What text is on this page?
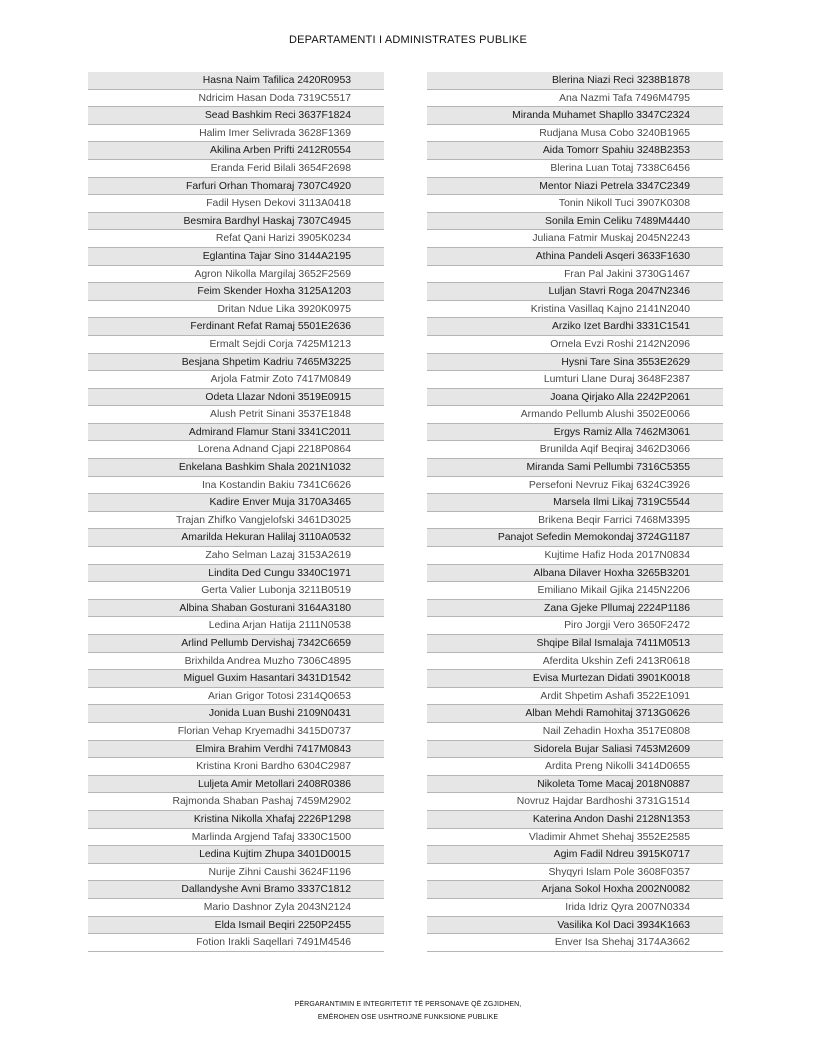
DEPARTAMENTI I ADMINISTRATES PUBLIKE
Hasna Naim Tafilica 2420R0953
Ndricim Hasan Doda 7319C5517
Sead Bashkim Reci 3637F1824
Halim Imer Selivrada 3628F1369
Akilina Arben Prifti 2412R0554
Eranda Ferid Bilali 3654F2698
Farfuri Orhan Thomaraj 7307C4920
Fadil Hysen Dekovi 3113A0418
Besmira Bardhyl Haskaj 7307C4945
Refat Qani Harizi 3905K0234
Eglantina Tajar Sino 3144A2195
Agron Nikolla Margilaj 3652F2569
Feim Skender Hoxha 3125A1203
Dritan Ndue Lika 3920K0975
Ferdinant Refat Ramaj 5501E2636
Ermalt Sejdi Corja 7425M1213
Besjana Shpetim Kadriu 7465M3225
Arjola Fatmir Zoto 7417M0849
Odeta Llazar Ndoni 3519E0915
Alush Petrit Sinani 3537E1848
Admirand Flamur Stani 3341C2011
Lorena Adnand Cjapi 2218P0864
Enkelana Bashkim Shala 2021N1032
Ina Kostandin Bakiu 7341C6626
Kadire Enver Muja 3170A3465
Trajan Zhifko Vangjelofski 3461D3025
Amarilda Hekuran Halilaj 3110A0532
Zaho Selman Lazaj 3153A2619
Lindita Ded Cungu 3340C1971
Gerta Valier Lubonja 3211B0519
Albina Shaban Gosturani 3164A3180
Ledina Arjan Hatija 2111N0538
Arlind Pellumb Dervishaj 7342C6659
Brixhilda Andrea Muzho 7306C4895
Miguel Guxim Hasantari 3431D1542
Arian Grigor Totosi 2314Q0653
Jonida Luan Bushi 2109N0431
Florian Vehap Kryemadhi 3415D0737
Elmira Brahim Verdhi 7417M0843
Kristina Kroni Bardho 6304C2987
Luljeta Amir Metollari 2408R0386
Rajmonda Shaban Pashaj 7459M2902
Kristina Nikolla Xhafaj 2226P1298
Marlinda Argjend Tafaj 3330C1500
Ledina Kujtim Zhupa 3401D0015
Nurije Zihni Caushi 3624F1196
Dallandyshe Avni Bramo 3337C1812
Mario Dashnor Zyla 2043N2124
Elda Ismail Beqiri 2250P2455
Fotion Irakli Saqellari 7491M4546
Blerina Niazi Reci 3238B1878
Ana Nazmi Tafa 7496M4795
Miranda Muhamet Shapllo 3347C2324
Rudjana Musa Cobo 3240B1965
Aida Tomorr Spahiu 3248B2353
Blerina Luan Totaj 7338C6456
Mentor Niazi Petrela 3347C2349
Tonin Nikoll Tuci 3907K0308
Sonila Emin Celiku 7489M4440
Juliana Fatmir Muskaj 2045N2243
Athina Pandeli Asqeri 3633F1630
Fran Pal Jakini 3730G1467
Luljan Stavri Roga 2047N2346
Kristina Vasillaq Kajno 2141N2040
Arziko Izet Bardhi 3331C1541
Ornela Evzi Roshi 2142N2096
Hysni Tare Sina 3553E2629
Lumturi Llane Duraj 3648F2387
Joana Qirjako Alla 2242P2061
Armando Pellumb Alushi 3502E0066
Ergys Ramiz Alla 7462M3061
Brunilda Aqif Beqiraj 3462D3066
Miranda Sami Pellumbi 7316C5355
Persefoni Nevruz Fikaj 6324C3926
Marsela Ilmi Likaj 7319C5544
Brikena Beqir Farrici 7468M3395
Panajot Sefedin Memokondaj 3724G1187
Kujtime Hafiz Hoda 2017N0834
Albana Dilaver Hoxha 3265B3201
Emiliano Mikail Gjika 2145N2206
Zana Gjeke Pllumaj 2224P1186
Piro Jorgji Vero 3650F2472
Shqipe Bilal Ismalaja 7411M0513
Aferdita Ukshin Zefi 2413R0618
Evisa Murtezan Didati 3901K0018
Ardit Shpetim Ashafi 3522E1091
Alban Mehdi Ramohitaj 3713G0626
Nail Zehadin Hoxha 3517E0808
Sidorela Bujar Saliasi 7453M2609
Ardita Preng Nikolli 3414D0655
Nikoleta Tome Macaj 2018N0887
Novruz Hajdar Bardhoshi 3731G1514
Katerina Andon Dashi 2128N1353
Vladimir Ahmet Shehaj 3552E2585
Agim Fadil Ndreu 3915K0717
Shyqyri Islam Pole 3608F0357
Arjana Sokol Hoxha 2002N0082
Irida Idriz Qyra 2007N0334
Vasilika Kol Daci 3934K1663
Enver Isa Shehaj 3174A3662
PËRGARANTIMIN E INTEGRITETIT TË PERSONAVE QË ZGJIDHEN,
EMËROHEN OSE USHTROJNË FUNKSIONE PUBLIKE
